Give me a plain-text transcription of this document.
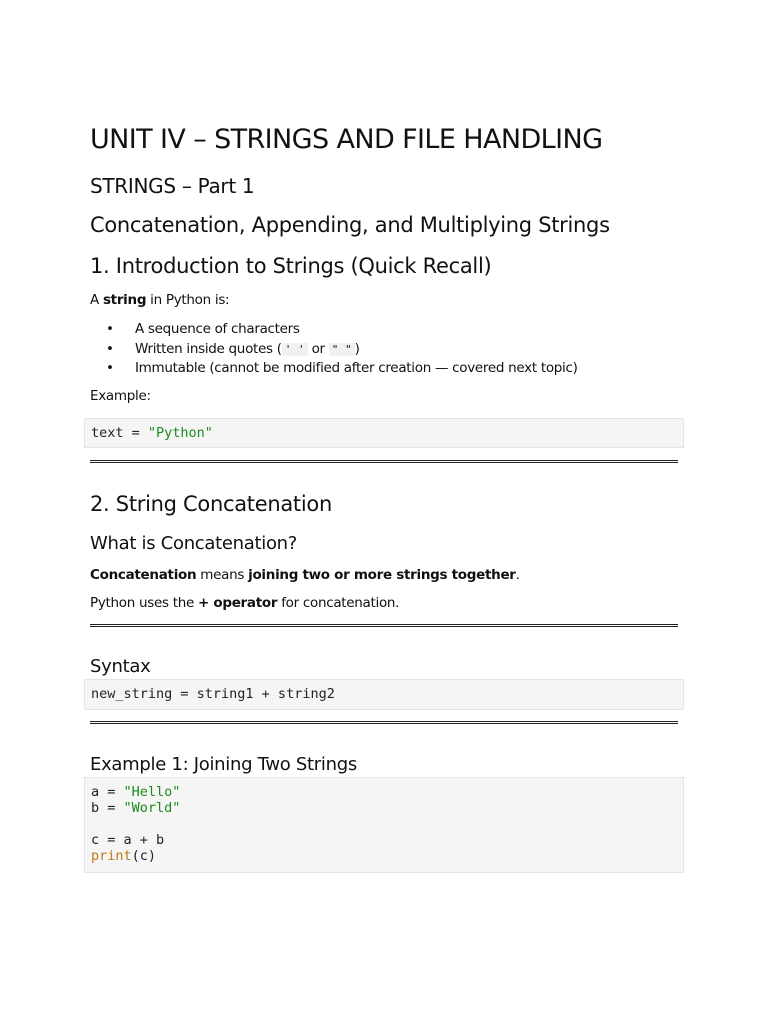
UNIT IV – STRINGS AND FILE HANDLING
STRINGS – Part 1
Concatenation, Appending, and Multiplying Strings
1. Introduction to Strings (Quick Recall)

A string in Python is:

• A sequence of characters
• Written inside quotes ( ' ' or " " )
• Immutable (cannot be modified after creation — covered next topic)

Example:

text = "Python"
2. String Concatenation
What is Concatenation?

Concatenation means joining two or more strings together.

Python uses the + operator for concatenation.

Syntax
new_string = string1 + string2
Example 1: Joining Two Strings
a = "Hello"
b = "World"
c = a + b
print(c)
